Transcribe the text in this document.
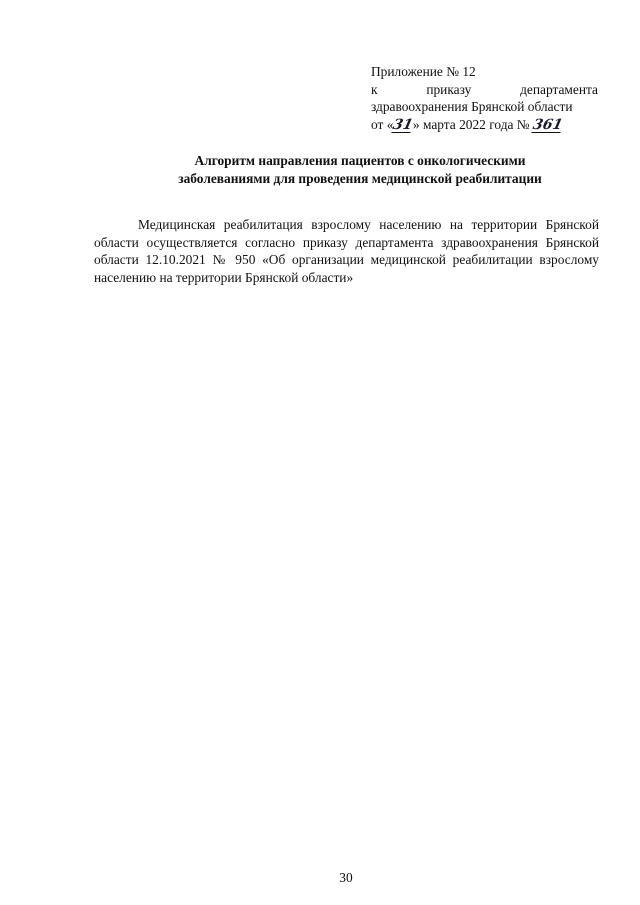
Приложение № 12
к	приказу	департамента
здравоохранения Брянской области
от «31» марта 2022 года № 361
Алгоритм направления пациентов с онкологическими
заболеваниями для проведения медицинской реабилитации

Медицинская реабилитация взрослому населению на территории Брянской области осуществляется согласно приказу департамента здравоохранения Брянской области 12.10.2021 № 950 «Об организации медицинской реабилитации взрослому населению на территории Брянской области»

30
